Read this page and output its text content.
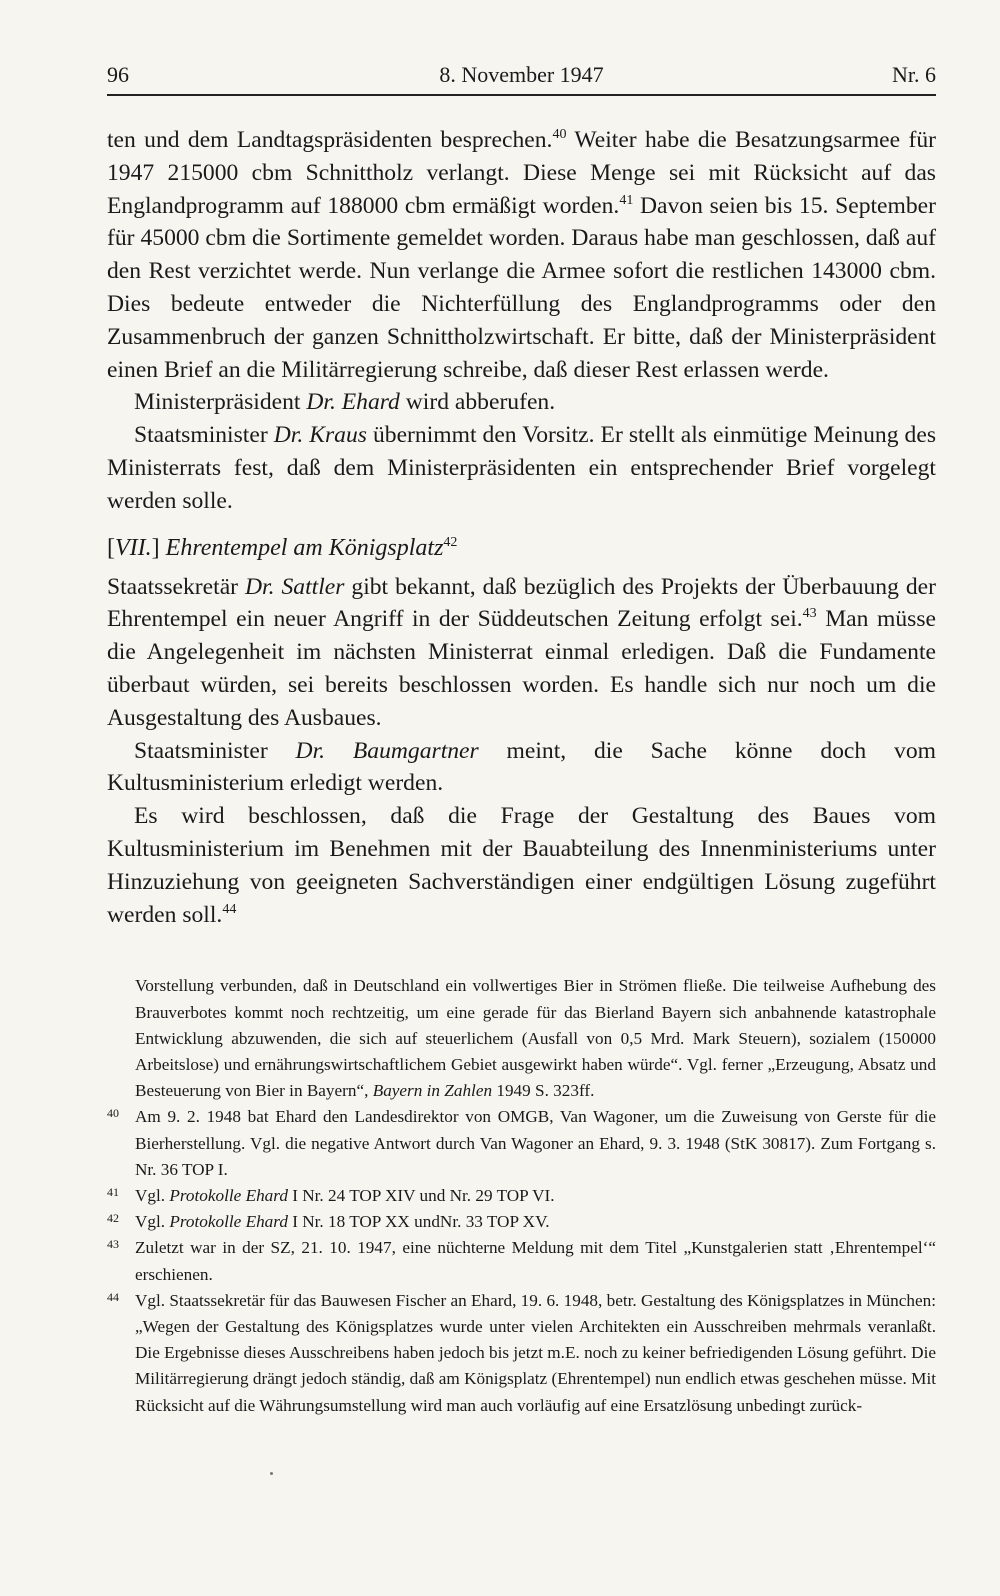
96	8. November 1947	Nr. 6

ten und dem Landtagspräsidenten besprechen.$^{40}$ Weiter habe die Besatzungsarmee für 1947 215000 cbm Schnittholz verlangt. Diese Menge sei mit Rücksicht auf das Englandprogramm auf 188000 cbm ermäßigt worden.$^{41}$ Davon seien bis 15. September für 45000 cbm die Sortimente gemeldet worden. Daraus habe man geschlossen, daß auf den Rest verzichtet werde. Nun verlange die Armee sofort die restlichen 143000 cbm. Dies bedeute entweder die Nichterfüllung des Englandprogramms oder den Zusammenbruch der ganzen Schnittholzwirtschaft. Er bitte, daß der Ministerpräsident einen Brief an die Militärregierung schreibe, daß dieser Rest erlassen werde.

Ministerpräsident Dr. Ehard wird abberufen.

Staatsminister Dr. Kraus übernimmt den Vorsitz. Er stellt als einmütige Meinung des Ministerrats fest, daß dem Ministerpräsidenten ein entsprechender Brief vorgelegt werden solle.

[VII.] Ehrentempel am Königsplatz$^{42}$

Staatssekretär Dr. Sattler gibt bekannt, daß bezüglich des Projekts der Überbauung der Ehrentempel ein neuer Angriff in der Süddeutschen Zeitung erfolgt sei.$^{43}$ Man müsse die Angelegenheit im nächsten Ministerrat einmal erledigen. Daß die Fundamente überbaut würden, sei bereits beschlossen worden. Es handle sich nur noch um die Ausgestaltung des Ausbaues.

Staatsminister Dr. Baumgartner meint, die Sache könne doch vom Kultusministerium erledigt werden.

Es wird beschlossen, daß die Frage der Gestaltung des Baues vom Kultusministerium im Benehmen mit der Bauabteilung des Innenministeriums unter Hinzuziehung von geeigneten Sachverständigen einer endgültigen Lösung zugeführt werden soll.$^{44}$

Vorstellung verbunden, daß in Deutschland ein vollwertiges Bier in Strömen fließe. Die teilweise Aufhebung des Brauverbotes kommt noch rechtzeitig, um eine gerade für das Bierland Bayern sich anbahnende katastrophale Entwicklung abzuwenden, die sich auf steuerlichem (Ausfall von 0,5 Mrd. Mark Steuern), sozialem (150000 Arbeitslose) und ernährungswirtschaftlichem Gebiet ausgewirkt haben würde“. Vgl. ferner „Erzeugung, Absatz und Besteuerung von Bier in Bayern“, Bayern in Zahlen 1949 S. 323ff.
40 Am 9. 2. 1948 bat Ehard den Landesdirektor von OMGB, Van Wagoner, um die Zuweisung von Gerste für die Bierherstellung. Vgl. die negative Antwort durch Van Wagoner an Ehard, 9. 3. 1948 (StK 30817). Zum Fortgang s. Nr. 36 TOP I.
41 Vgl. Protokolle Ehard I Nr. 24 TOP XIV und Nr. 29 TOP VI.
42 Vgl. Protokolle Ehard I Nr. 18 TOP XX undNr. 33 TOP XV.
43 Zuletzt war in der SZ, 21. 10. 1947, eine nüchterne Meldung mit dem Titel „Kunstgalerien statt ‚Ehrentempel‘“ erschienen.
44 Vgl. Staatssekretär für das Bauwesen Fischer an Ehard, 19. 6. 1948, betr. Gestaltung des Königsplatzes in München: „Wegen der Gestaltung des Königsplatzes wurde unter vielen Architekten ein Ausschreiben mehrmals veranlaßt. Die Ergebnisse dieses Ausschreibens haben jedoch bis jetzt m.E. noch zu keiner befriedigenden Lösung geführt. Die Militärregierung drängt jedoch ständig, daß am Königsplatz (Ehrentempel) nun endlich etwas geschehen müsse. Mit Rücksicht auf die Währungsumstellung wird man auch vorläufig auf eine Ersatzlösung unbedingt zurück-
